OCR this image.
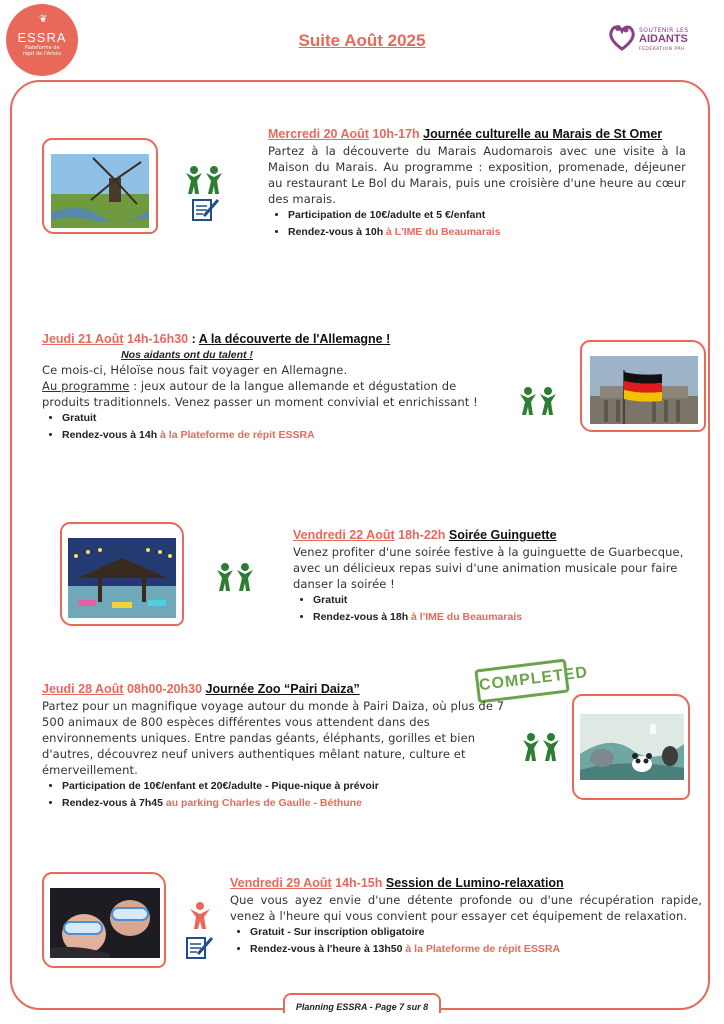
❦
ESSRA
Plateforme de répit de l'Artois
Suite Août 2025
SOUTENIR LES
AIDANTS
FÉDÉRATION PRH
Mercredi 20 Août 10h-17h Journée culturelle au Marais de St Omer

Partez à la découverte du Marais Audomarois avec une visite à la Maison du Marais. Au programme : exposition, promenade, déjeuner au restaurant Le Bol du Marais, puis une croisière d'une heure au cœur des marais.

• Participation de 10€/adulte et 5 €/enfant
• Rendez-vous à 10h à L'IME du Beaumarais
Jeudi 21 Août 14h-16h30 : A la découverte de l'Allemagne !
Nos aidants ont du talent !

Ce mois-ci, Héloïse nous fait voyager en Allemagne.

Au programme : jeux autour de la langue allemande et dégustation de produits traditionnels. Venez passer un moment convivial et enrichissant !

• Gratuit
• Rendez-vous à 14h à la Plateforme de répit ESSRA
Vendredi 22 Août 18h-22h Soirée Guinguette

Venez profiter d'une soirée festive à la guinguette de Guarbecque, avec un délicieux repas suivi d'une animation musicale pour faire danser la soirée !

• Gratuit
• Rendez-vous à 18h à l'IME du Beaumarais
COMPLETED
Jeudi 28 Août 08h00-20h30 Journée Zoo “Pairi Daiza”

Partez pour un magnifique voyage autour du monde à Pairi Daiza, où plus de 7 500 animaux de 800 espèces différentes vous attendent dans des environnements uniques. Entre pandas géants, éléphants, gorilles et bien d'autres, découvrez neuf univers authentiques mêlant nature, culture et émerveillement.

• Participation de 10€/enfant et 20€/adulte - Pique-nique à prévoir
• Rendez-vous à 7h45 au parking Charles de Gaulle - Béthune
Vendredi 29 Août 14h-15h Session de Lumino-relaxation

Que vous ayez envie d'une détente profonde ou d'une récupération rapide, venez à l'heure qui vous convient pour essayer cet équipement de relaxation.

• Gratuit - Sur inscription obligatoire
• Rendez-vous à l'heure à 13h50 à la Plateforme de répit ESSRA
Planning ESSRA - Page 7 sur 8
